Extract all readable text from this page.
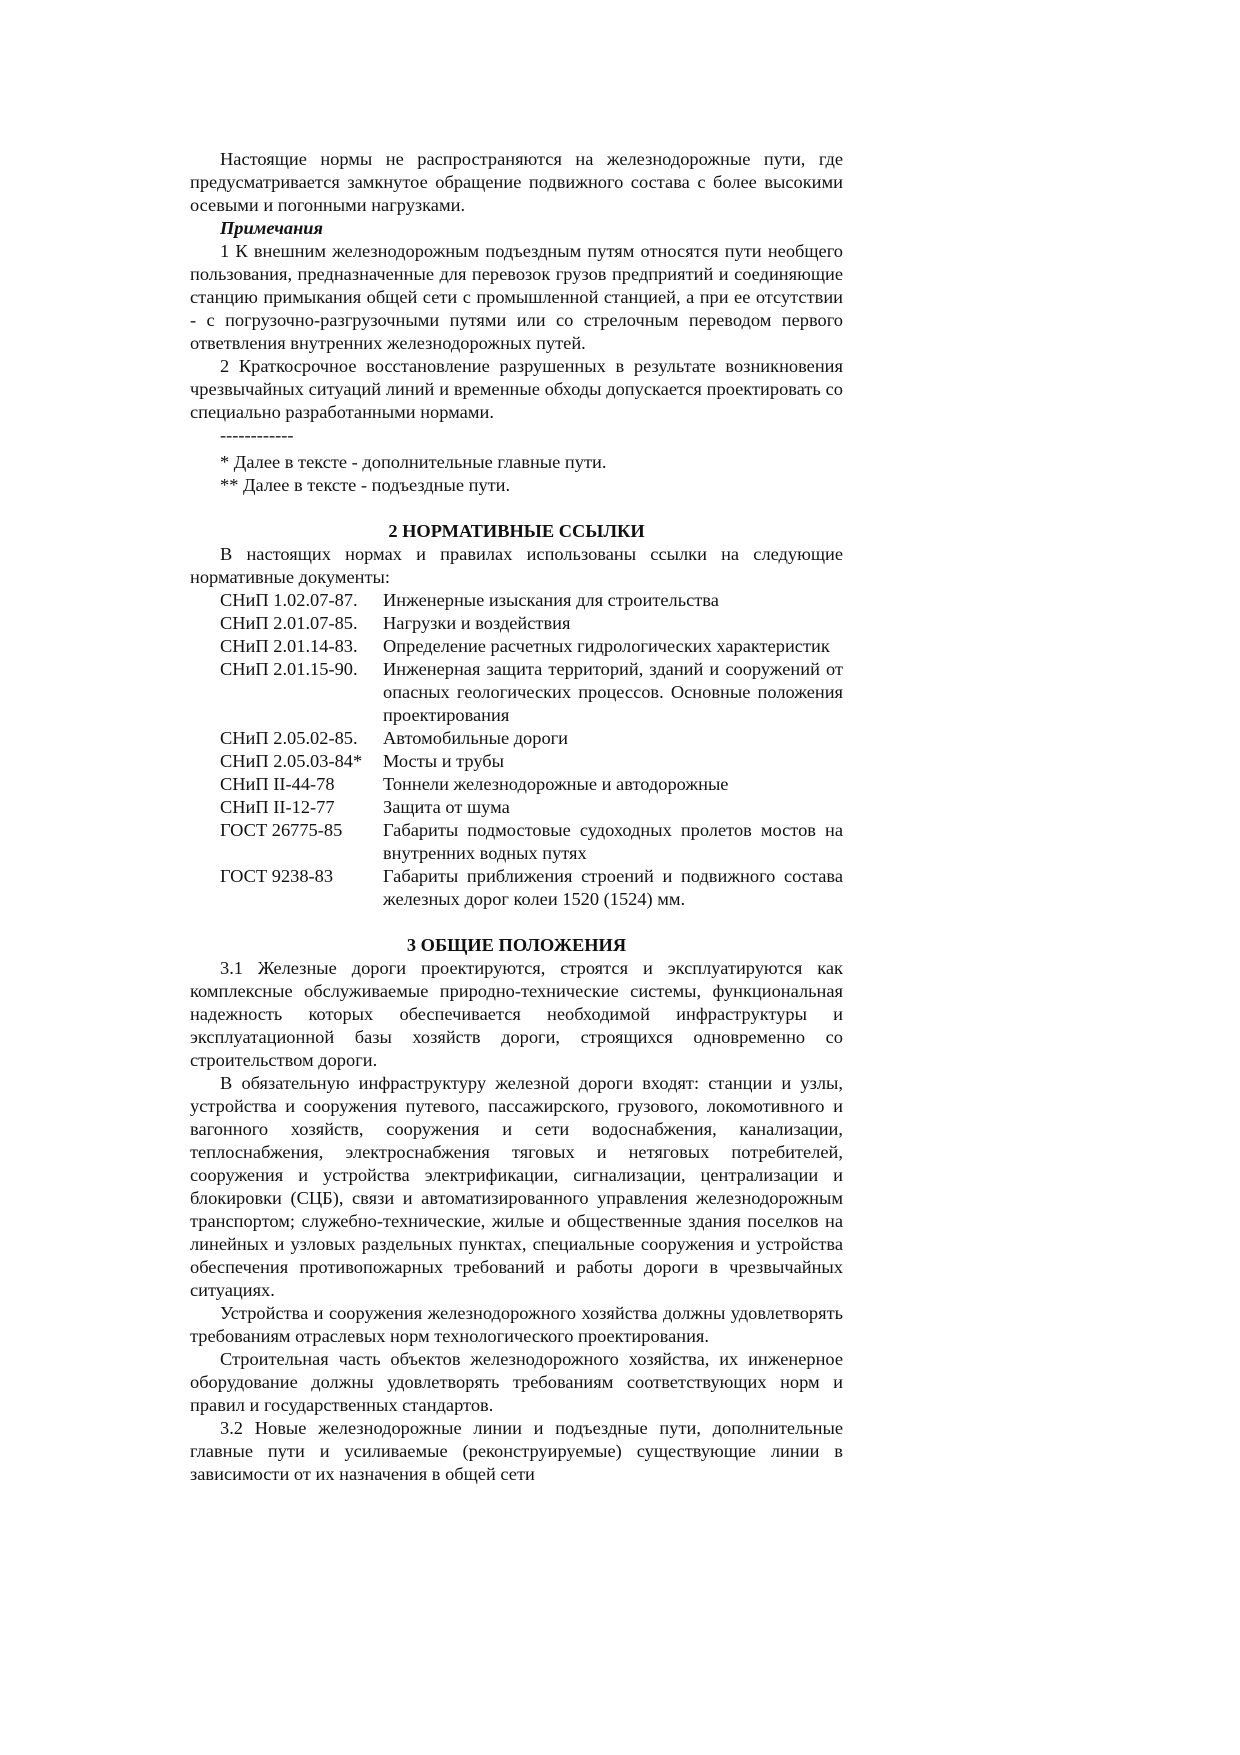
Настоящие нормы не распространяются на железнодорожные пути, где предусматривается замкнутое обращение подвижного состава с более высокими осевыми и погонными нагрузками.

Примечания

1 К внешним железнодорожным подъездным путям относятся пути необщего пользования, предназначенные для перевозок грузов предприятий и соединяющие станцию примыкания общей сети с промышленной станцией, а при ее отсутствии - с погрузочно-разгрузочными путями или со стрелочным переводом первого ответвления внутренних железнодорожных путей.

2 Краткосрочное восстановление разрушенных в результате возникновения чрезвычайных ситуаций линий и временные обходы допускается проектировать со специально разработанными нормами.

------------

* Далее в тексте - дополнительные главные пути.

** Далее в тексте - подъездные пути.

2 НОРМАТИВНЫЕ ССЫЛКИ

В настоящих нормах и правилах использованы ссылки на следующие нормативные документы:

СНиП 1.02.07-87.	Инженерные изыскания для строительства
СНиП 2.01.07-85.	Нагрузки и воздействия
СНиП 2.01.14-83.	Определение расчетных гидрологических характеристик
СНиП 2.01.15-90.	Инженерная защита территорий, зданий и сооружений от опасных геологических процессов. Основные положения проектирования
СНиП 2.05.02-85.	Автомобильные дороги
СНиП 2.05.03-84*	Мосты и трубы
СНиП II-44-78	Тоннели железнодорожные и автодорожные
СНиП II-12-77	Защита от шума
ГОСТ 26775-85	Габариты подмостовые судоходных пролетов мостов на внутренних водных путях
ГОСТ 9238-83	Габариты приближения строений и подвижного состава железных дорог колеи 1520 (1524) мм.

3 ОБЩИЕ ПОЛОЖЕНИЯ

3.1 Железные дороги проектируются, строятся и эксплуатируются как комплексные обслуживаемые природно-технические системы, функциональная надежность которых обеспечивается необходимой инфраструктуры и эксплуатационной базы хозяйств дороги, строящихся одновременно со строительством дороги.

В обязательную инфраструктуру железной дороги входят: станции и узлы, устройства и сооружения путевого, пассажирского, грузового, локомотивного и вагонного хозяйств, сооружения и сети водоснабжения, канализации, теплоснабжения, электроснабжения тяговых и нетяговых потребителей, сооружения и устройства электрификации, сигнализации, централизации и блокировки (СЦБ), связи и автоматизированного управления железнодорожным транспортом; служебно-технические, жилые и общественные здания поселков на линейных и узловых раздельных пунктах, специальные сооружения и устройства обеспечения противопожарных требований и работы дороги в чрезвычайных ситуациях.

Устройства и сооружения железнодорожного хозяйства должны удовлетворять требованиям отраслевых норм технологического проектирования.

Строительная часть объектов железнодорожного хозяйства, их инженерное оборудование должны удовлетворять требованиям соответствующих норм и правил и государственных стандартов.

3.2 Новые железнодорожные линии и подъездные пути, дополнительные главные пути и усиливаемые (реконструируемые) существующие линии в зависимости от их назначения в общей сети
